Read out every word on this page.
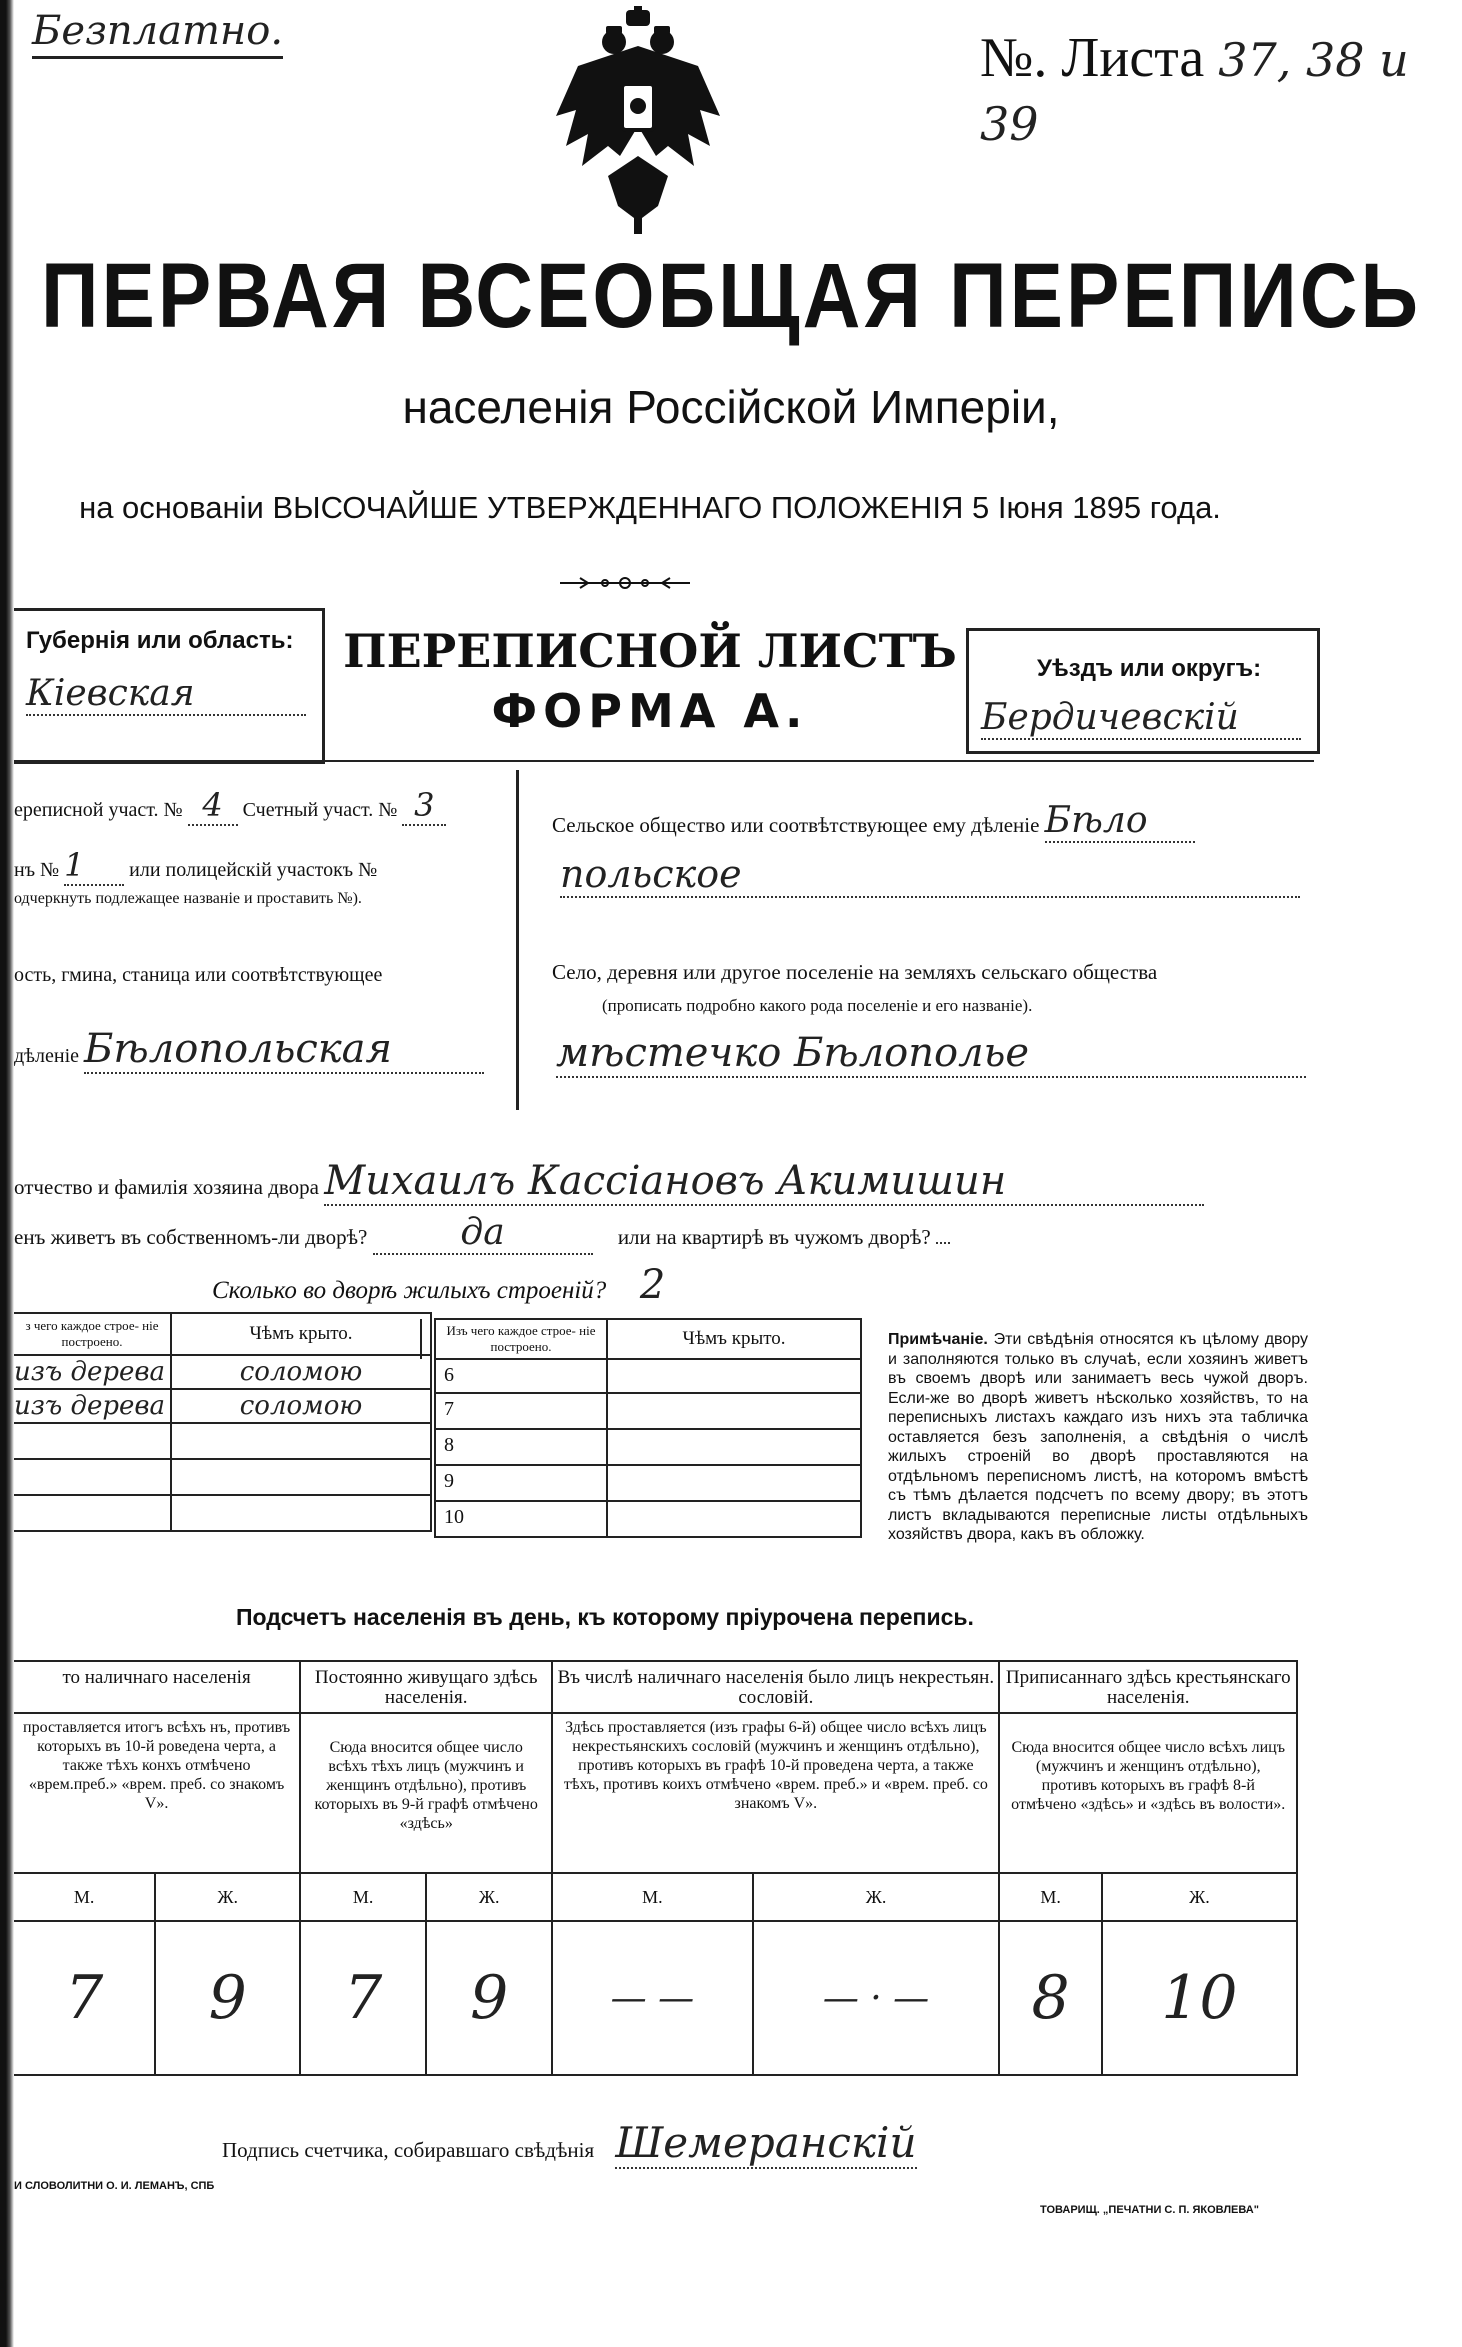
Безплатно.	№. Листа 37, 38 и 39
ПЕРВАЯ ВСЕОБЩАЯ ПЕРЕПИСЬ
населенія Россійской Имперіи,
на основаніи ВЫСОЧАЙШЕ УТВЕРЖДЕННАГО ПОЛОЖЕНІЯ 5 Іюня 1895 года.
Губернія или область:
Кіевская
ПЕРЕПИСНОЙ ЛИСТЪ
ФОРМА А.
Уѣздъ или округъ:
Бердичевскій
ереписной участ. № 4 Счетный участ. № 3
нъ № 1 или полицейскій участокъ №
одчеркнуть подлежащее названіе и проставить №).
ость, гмина, станица или соотвѣтствующее
дѣленіе Бѣлопольская
Сельское общество или соотвѣтствующее ему дѣленіе Бѣло
польское
Село, деревня или другое поселеніе на земляхъ сельскаго общества
(прописать подробно какого рода поселеніе и его названіе).
мѣстечко Бѣлополье
отчество и фамилія хозяина двора Михаилъ Кассіановъ Акимишин
енъ живетъ въ собственномъ-ли дворѣ?	да	или на квартирѣ въ чужомъ дворѣ?
Сколько во дворѣ жилыхъ строеній? 2
з чего каждое строе- ніе построено.	Чѣмъ крыто.
изъ дерева	соломою
изъ дерева	соломою

	Изъ чего каждое строе- ніе построено.	Чѣмъ крыто.

	6	

	7	

	8	

	9	

	10	

Примѣчаніе. Эти свѣдѣнія относятся къ цѣлому двору и заполняются только въ случаѣ, если хозяинъ живетъ въ своемъ дворѣ или занимаетъ весь чужой дворъ. Если-же во дворѣ живетъ нѣсколько хозяйствъ, то на переписныхъ листахъ каждаго изъ нихъ эта табличка оставляется безъ заполненія, а свѣдѣнія о числѣ жилыхъ строеній во дворѣ проставляются на отдѣльномъ переписномъ листѣ, на которомъ вмѣстѣ съ тѣмъ дѣлается подсчетъ по всему двору; въ этотъ листъ вкладываются переписные листы отдѣльныхъ хозяйствъ двора, какъ въ обложку.
Подсчетъ населенія въ день, къ которому пріурочена перепись.
то наличнаго населенія		Постоянно живущаго здѣсь населенія.		Въ числѣ наличнаго населенія было лицъ некрестьян. сословій.		Приписаннаго здѣсь крестьянскаго населенія.	
проставляется итогъ всѣхъ нъ, противъ которыхъ въ 10-й роведена черта, а также тѣхъ конхъ отмѣчено «врем.преб.» «врем. преб. со знакомъ V».		Сюда вносится общее число всѣхъ тѣхъ лицъ (мужчинъ и женщинъ отдѣльно), противъ которыхъ въ 9-й графѣ отмѣчено «здѣсь»		Здѣсь проставляется (изъ графы 6-й) общее число всѣхъ лицъ некрестьянскихъ сословій (мужчинъ и женщинъ отдѣльно), противъ которыхъ въ графѣ 10-й проведена черта, а также тѣхъ, противъ коихъ отмѣчено «врем. преб.» и «врем. преб. со знакомъ V».		Сюда вносится общее число всѣхъ лицъ (мужчинъ и женщинъ отдѣльно), противъ которыхъ въ графѣ 8-й отмѣчено «здѣсь» и «здѣсь въ волости».	
М.	Ж.	М.	Ж.	М.	Ж.	М.	Ж.
7	9	7	9	— —	— · —	8	10
Подпись счетчика, собиравшаго свѣдѣнія Шемеранскій
И СЛОВОЛИТНИ О. И. ЛЕМАНЪ, СПБ
ТОВАРИЩ. „ПЕЧАТНИ С. П. ЯКОВЛЕВА"
